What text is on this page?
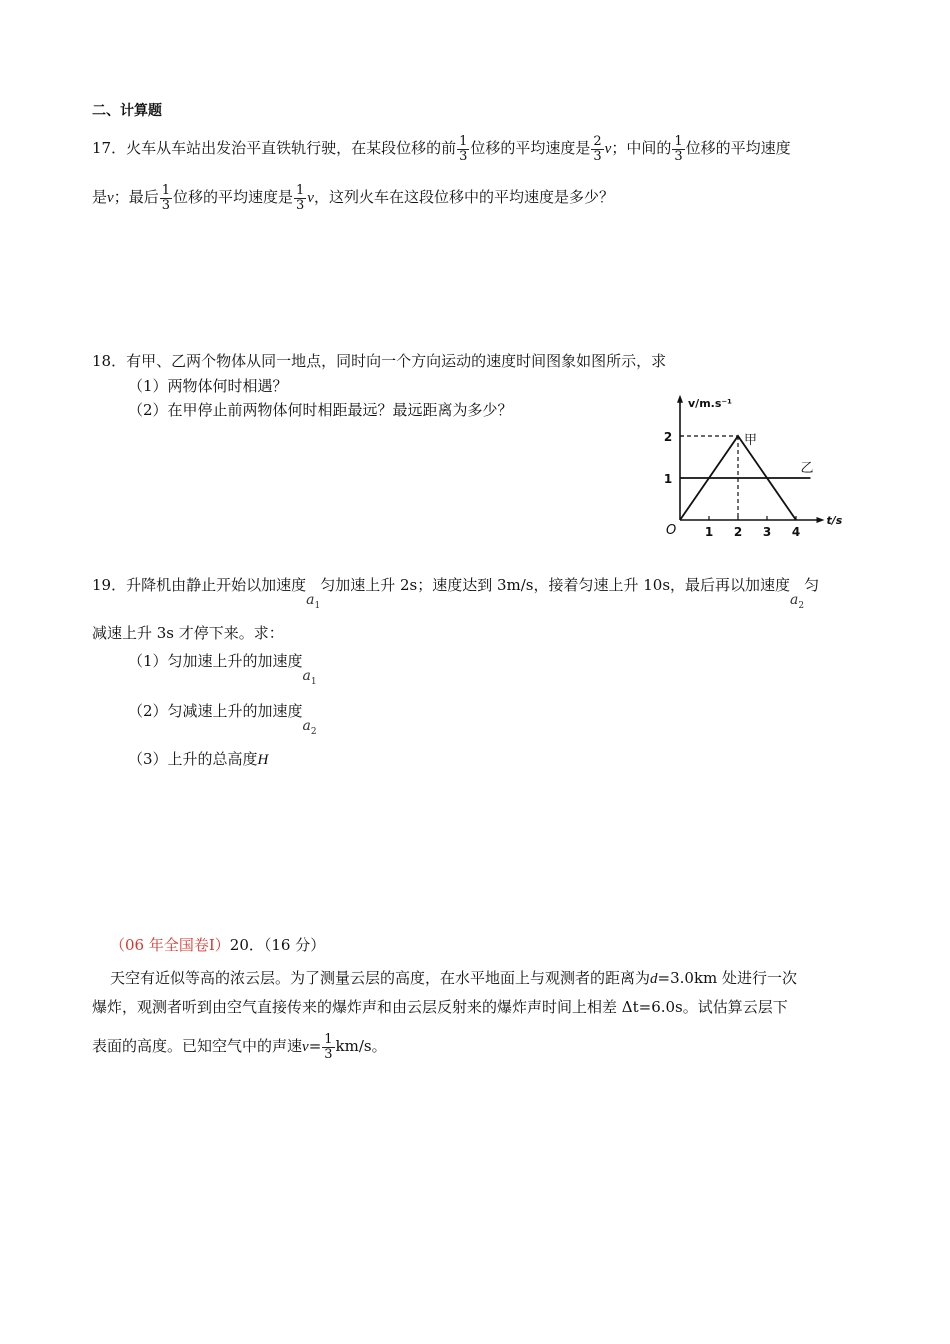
二、计算题
17．火车从车站出发治平直铁轨行驶，在某段位移的前 $\frac{1}{3}$ 位移的平均速度是 $\frac{2}{3}$ v；中间的 $\frac{1}{3}$ 位移的平均速度
是v；最后 $\frac{1}{3}$ 位移的平均速度是 $\frac{1}{3}$ v，这列火车在这段位移中的平均速度是多少？
18．有甲、乙两个物体从同一地点，同时向一个方向运动的速度时间图象如图所示，求
（1）两物体何时相遇？
（2）在甲停止前两物体何时相距最远？最远距离为多少？	v/m.s⁻¹
t/s
O 1 2 3 4
1
2	甲
乙
19．升降机由静止开始以加速度$a_1$匀加速上升 2s；速度达到 3m/s，接着匀速上升 10s，最后再以加速度$a_2$匀
减速上升 3s 才停下来。求：
（1）匀加速上升的加速度$a_1$
（2）匀减速上升的加速度$a_2$
（3）上升的总高度H
（06 年全国卷Ⅰ）20．（16 分）
天空有近似等高的浓云层。为了测量云层的高度，在水平地面上与观测者的距离为d=3.0km 处进行一次
爆炸，观测者听到由空气直接传来的爆炸声和由云层反射来的爆炸声时间上相差 Δt=6.0s。试估算云层下
表面的高度。已知空气中的声速$v= \frac{1}{3} km/s$。
